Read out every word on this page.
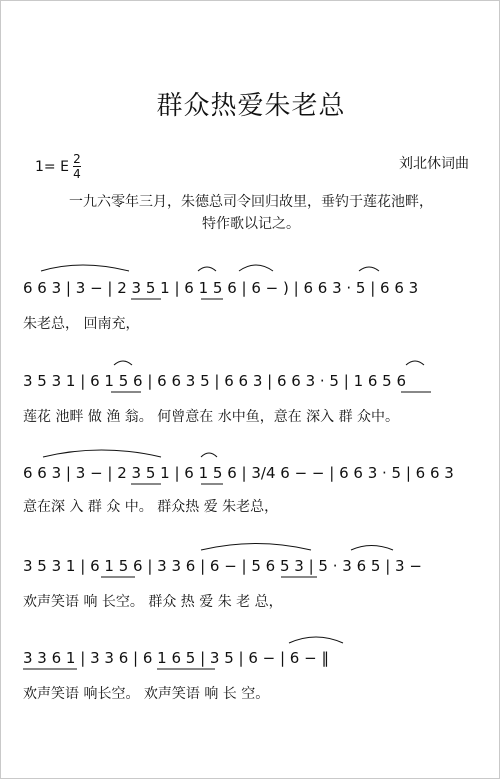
群众热爱朱老总
1= E 2
4
刘北休词曲
一九六零年三月，朱德总司令回归故里，垂钓于莲花池畔，
特作歌以记之。
6 6 3 | 3 − | 2 3 5 1 | 6 1 5 6 | 6 − ) | 6 6 3 · 5 | 6 6 3
朱老总， 回南充，
3 5 3 1 | 6 1 5 6 | 6 6 3 5 | 6 6 3 | 6 6 3 · 5 | 1 6 5 6
莲花 池畔 做 渔 翁。 何曾意在 水中鱼，意在 深入 群 众中。
6 6 3 | 3 − | 2 3 5 1 | 6 1 5 6 | 3/4 6 − − | 6 6 3 · 5 | 6 6 3
意在深 入 群 众 中。 群众热 爱 朱老总，
3 5 3 1 | 6 1 5 6 | 3 3 6 | 6 − | 5 6 5 3 | 5 · 3 6 5 | 3 −
欢声笑语 响 长空。 群众 热 爱 朱 老 总，
3 3 6 1 | 3 3 6 | 6 1 6 5 | 3 5 | 6 − | 6 − ‖
欢声笑语 响长空。 欢声笑语 响 长 空。
